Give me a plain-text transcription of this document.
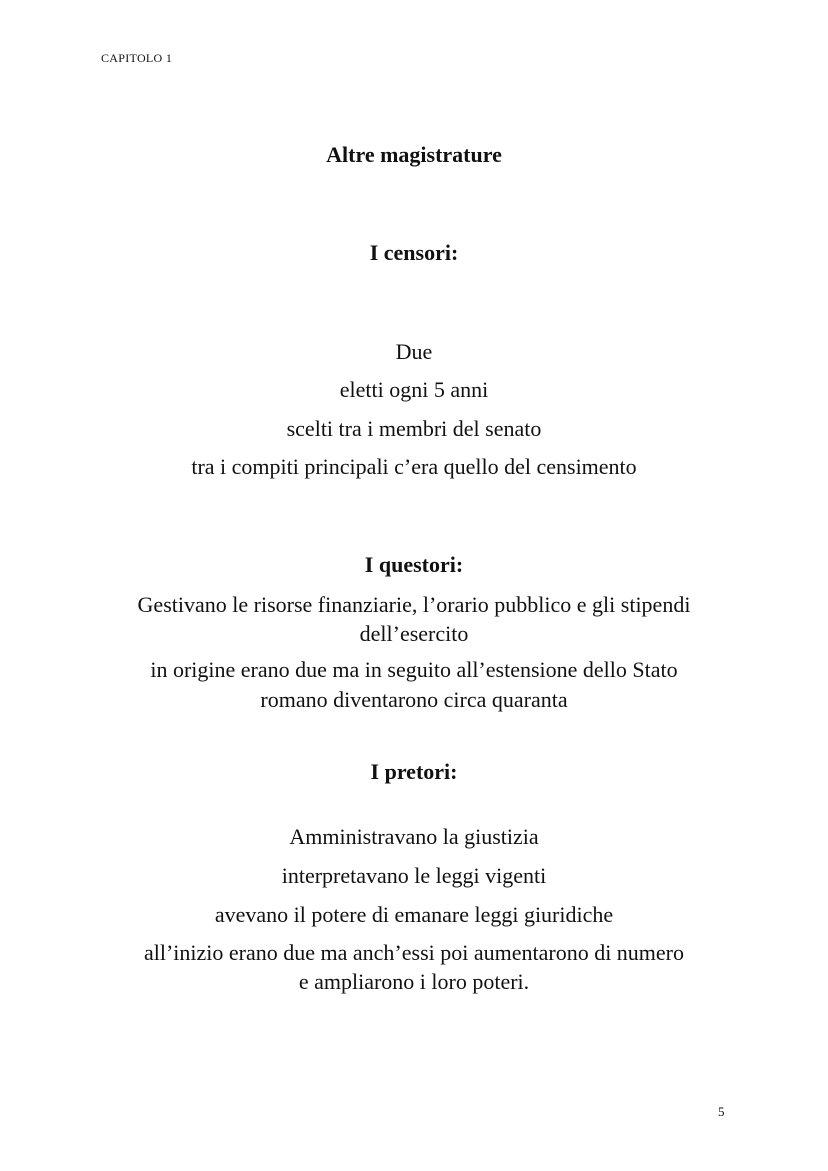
CAPITOLO 1
Altre magistrature
I censori:
Due
eletti ogni 5 anni
scelti tra i membri del senato
tra i compiti principali c’era quello del censimento
I questori:
Gestivano le risorse finanziarie, l’orario pubblico e gli stipendi
dell’esercito
in origine erano due ma in seguito all’estensione dello Stato
romano diventarono circa quaranta
I pretori:
Amministravano la giustizia
interpretavano le leggi vigenti
avevano il potere di emanare leggi giuridiche
all’inizio erano due ma anch’essi poi aumentarono di numero
e ampliarono i loro poteri.
5
